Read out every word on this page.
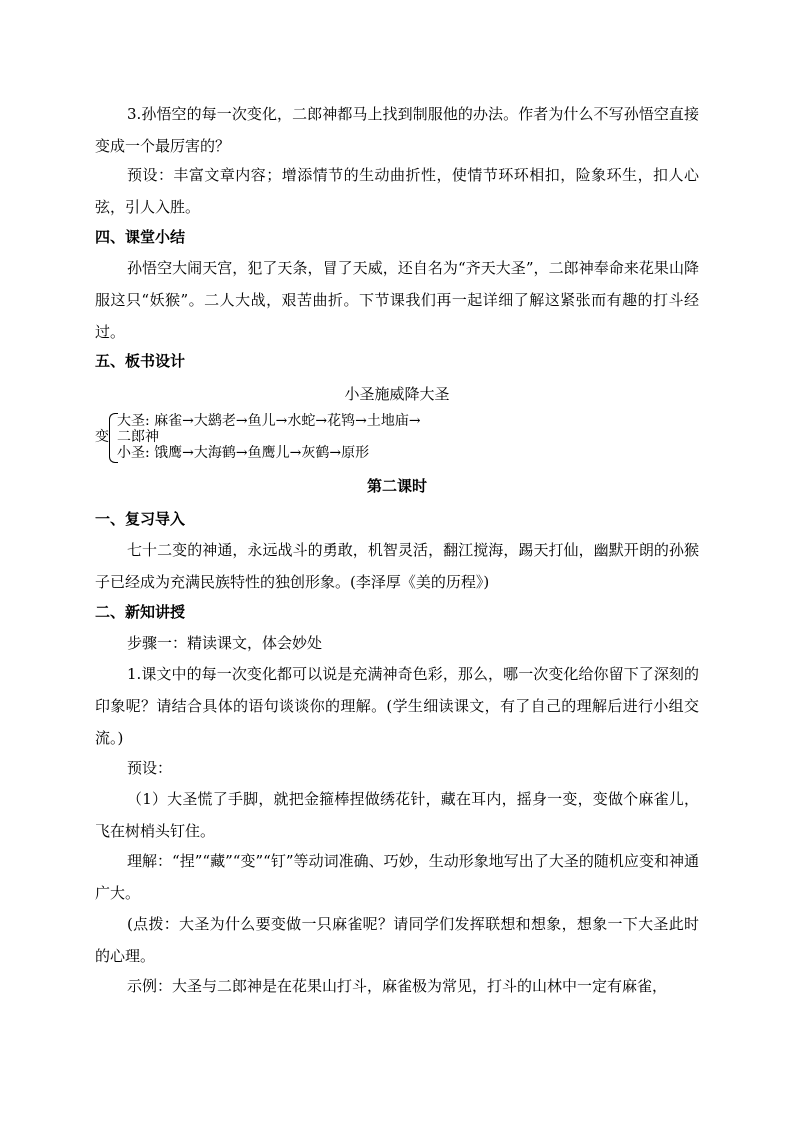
3.孙悟空的每一次变化，二郎神都马上找到制服他的办法。作者为什么不写孙悟空直接变成一个最厉害的？

预设：丰富文章内容；增添情节的生动曲折性，使情节环环相扣，险象环生，扣人心弦，引人入胜。

四、课堂小结

孙悟空大闹天宫，犯了天条，冒了天威，还自名为“齐天大圣”，二郎神奉命来花果山降服这只“妖猴”。二人大战，艰苦曲折。下节课我们再一起详细了解这紧张而有趣的打斗经过。

五、板书设计

小圣施威降大圣

变
大圣: 麻雀→大鹚老→鱼儿→水蛇→花鸨→土地庙→
二郎神
小圣: 饿鹰→大海鹤→鱼鹰儿→灰鹤→原形

第二课时

一、复习导入

七十二变的神通，永远战斗的勇敢，机智灵活，翻江搅海，踢天打仙，幽默开朗的孙猴子已经成为充满民族特性的独创形象。(李泽厚《美的历程》)

二、新知讲授

步骤一：精读课文，体会妙处

1.课文中的每一次变化都可以说是充满神奇色彩，那么，哪一次变化给你留下了深刻的印象呢？请结合具体的语句谈谈你的理解。(学生细读课文，有了自己的理解后进行小组交流。)

预设：

（1）大圣慌了手脚，就把金箍棒捏做绣花针，藏在耳内，摇身一变，变做个麻雀儿，飞在树梢头钉住。

理解：“捏”“藏”“变”“钉”等动词准确、巧妙，生动形象地写出了大圣的随机应变和神通广大。

(点拨：大圣为什么要变做一只麻雀呢？请同学们发挥联想和想象，想象一下大圣此时的心理。

示例：大圣与二郎神是在花果山打斗，麻雀极为常见，打斗的山林中一定有麻雀，
